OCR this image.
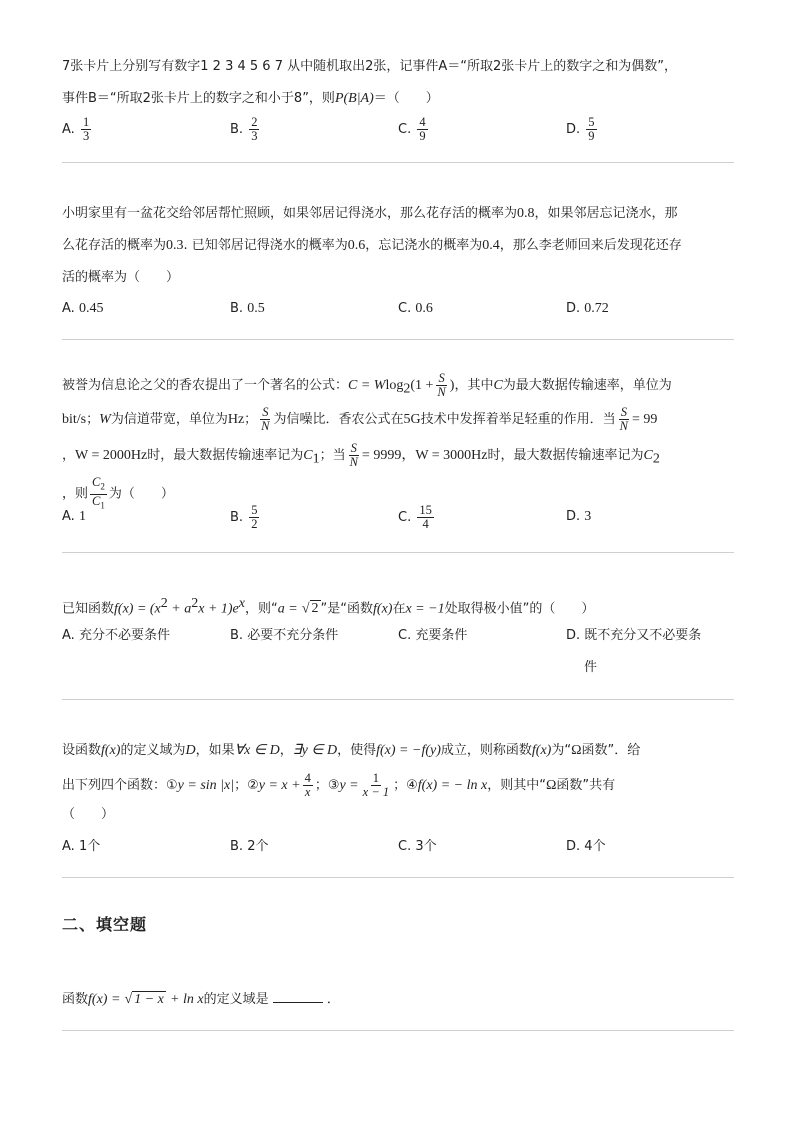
7张卡片上分别写有数字1 2 3 4 5 6 7 从中随机取出2张，记事件A＝“所取2张卡片上的数字之和为偶数”，
事件B＝“所取2张卡片上的数字之和小于8”，则P(B|A)＝（　　）
A. $\frac{1}{3}$	B. $\frac{2}{3}$	C. $\frac{4}{9}$	D. $\frac{5}{9}$
小明家里有一盆花交给邻居帮忙照顾，如果邻居记得浇水，那么花存活的概率为0.8，如果邻居忘记浇水，那
么花存活的概率为0.3. 已知邻居记得浇水的概率为0.6，忘记浇水的概率为0.4，那么李老师回来后发现花还存
活的概率为（　　）
A. 0.45	B. 0.5	C. 0.6	D. 0.72
被誉为信息论之父的香农提出了一个著名的公式：$C = Wlog_2(1 + \frac{S}{N}$ )，其中C为最大数据传输速率，单位为
bit/s；W为信道带宽，单位为Hz； $\frac{S}{N}$ 为信噪比．香农公式在5G技术中发挥着举足轻重的作用．当 $\frac{S}{N} = 99$
，W = 2000Hz时，最大数据传输速率记为$C_1$；当 $\frac{S}{N} = 9999$，W = 3000Hz时，最大数据传输速率记为$C_2$
，则 $\frac{C_2}{C_1}$ 为（　　）
A. 1	B. $\frac{5}{2}$	C. $\frac{15}{4}$	D. 3
已知函数$f(x) = (x^2 + a^2x + 1)e^x$，则“a = √ 2 ”是“函数f(x)在x = −1处取得极小值”的（　　）
A. 充分不必要条件	B. 必要不充分条件	C. 充要条件	D. 既不充分又不必要条
件
设函数f(x)的定义域为D，如果∀x ∈ D，∃y ∈ D，使得f(x) = −f(y)成立，则称函数f(x)为“Ω函数”．给
出下列四个函数：①y = sin |x|；②y = $x + \frac{4}{x}$ ；③y = $\frac{1}{x - 1}$ ；④f(x) = − ln x，则其中“Ω函数”共有
（　　）
A. 1个	B. 2个	C. 3个	D. 4个
二、填空题
函数f(x) = √ 1 − x + ln x的定义域是	．
